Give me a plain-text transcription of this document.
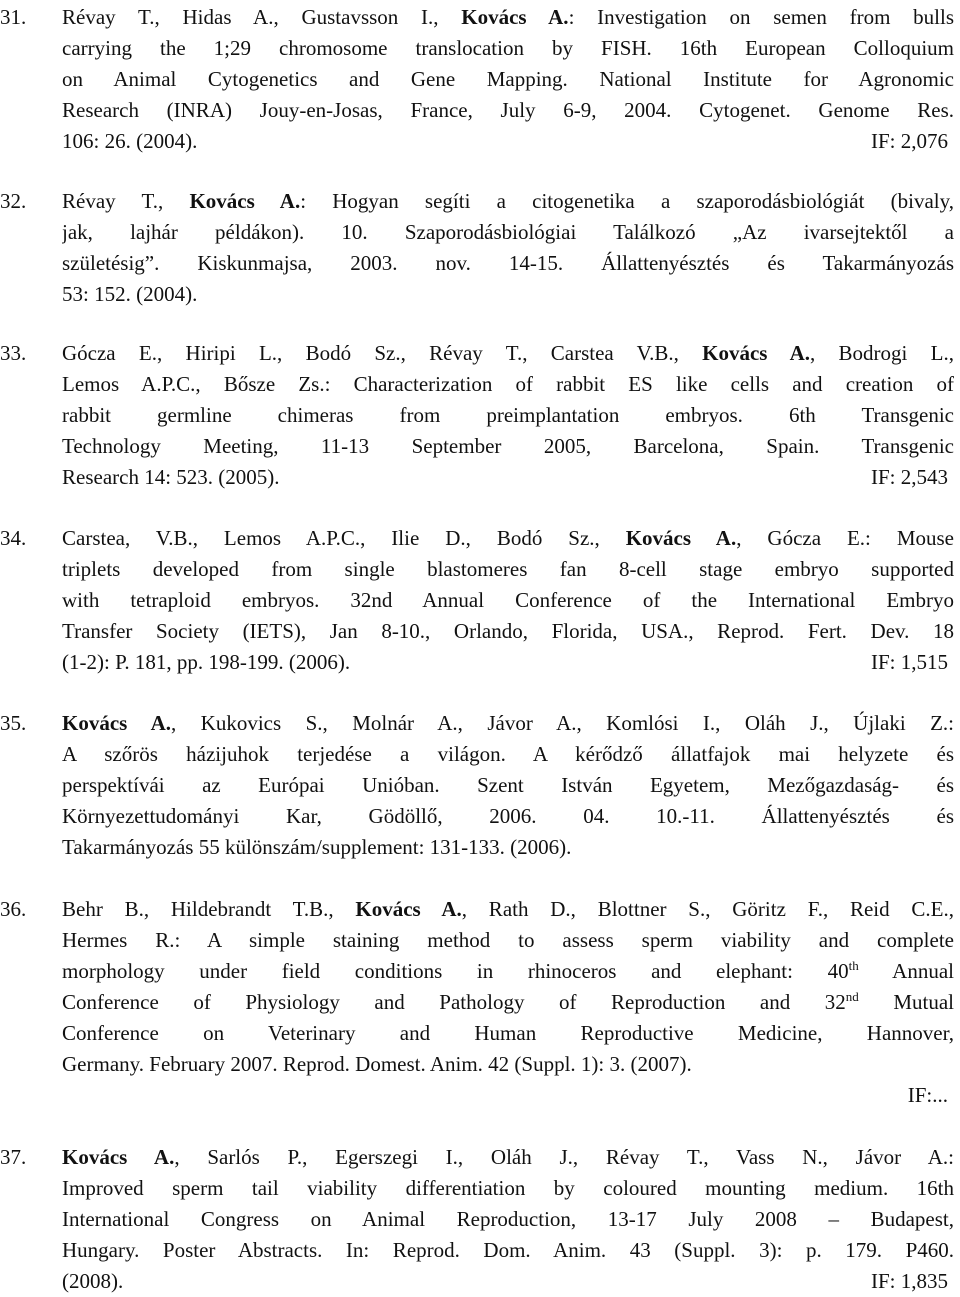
31.	Révay T., Hidas A., Gustavsson I., Kovács A.: Investigation on semen from bulls
carrying the 1;29 chromosome translocation by FISH. 16th European Colloquium
on Animal Cytogenetics and Gene Mapping. National Institute for Agronomic
Research (INRA) Jouy-en-Josas, France, July 6-9, 2004. Cytogenet. Genome Res.
106: 26. (2004).	IF: 2,076
32.	Révay T., Kovács A.: Hogyan segíti a citogenetika a szaporodásbiológiát (bivaly,
jak, lajhár példákon). 10. Szaporodásbiológiai Találkozó „Az ivarsejtektől a
születésig”. Kiskunmajsa, 2003. nov. 14-15. Állattenyésztés és Takarmányozás
53: 152. (2004).
33.	Gócza E., Hiripi L., Bodó Sz., Révay T., Carstea V.B., Kovács A., Bodrogi L.,
Lemos A.P.C., Bősze Zs.: Characterization of rabbit ES like cells and creation of
rabbit germline chimeras from preimplantation embryos. 6th Transgenic
Technology Meeting, 11-13 September 2005, Barcelona, Spain. Transgenic
Research 14: 523. (2005).	IF: 2,543
34.	Carstea, V.B., Lemos A.P.C., Ilie D., Bodó Sz., Kovács A., Gócza E.: Mouse
triplets developed from single blastomeres fan 8-cell stage embryo supported
with tetraploid embryos. 32nd Annual Conference of the International Embryo
Transfer Society (IETS), Jan 8-10., Orlando, Florida, USA., Reprod. Fert. Dev. 18
(1-2): P. 181, pp. 198-199. (2006).	IF: 1,515
35.	Kovács A., Kukovics S., Molnár A., Jávor A., Komlósi I., Oláh J., Újlaki Z.:
A szőrös házijuhok terjedése a világon. A kérődző állatfajok mai helyzete és
perspektívái az Európai Unióban. Szent István Egyetem, Mezőgazdaság- és
Környezettudományi Kar, Gödöllő, 2006. 04. 10.-11. Állattenyésztés és
Takarmányozás 55 különszám/supplement: 131-133. (2006).
36.	Behr B., Hildebrandt T.B., Kovács A., Rath D., Blottner S., Göritz F., Reid C.E.,
Hermes R.: A simple staining method to assess sperm viability and complete
morphology under field conditions in rhinoceros and elephant: 40th Annual
Conference of Physiology and Pathology of Reproduction and 32nd Mutual
Conference on Veterinary and Human Reproductive Medicine, Hannover,
Germany. February 2007. Reprod. Domest. Anim. 42 (Suppl. 1): 3. (2007).
IF:...
37.	Kovács A., Sarlós P., Egerszegi I., Oláh J., Révay T., Vass N., Jávor A.:
Improved sperm tail viability differentiation by coloured mounting medium. 16th
International Congress on Animal Reproduction, 13-17 July 2008 – Budapest,
Hungary. Poster Abstracts. In: Reprod. Dom. Anim. 43 (Suppl. 3): p. 179. P460.
(2008).	IF: 1,835
